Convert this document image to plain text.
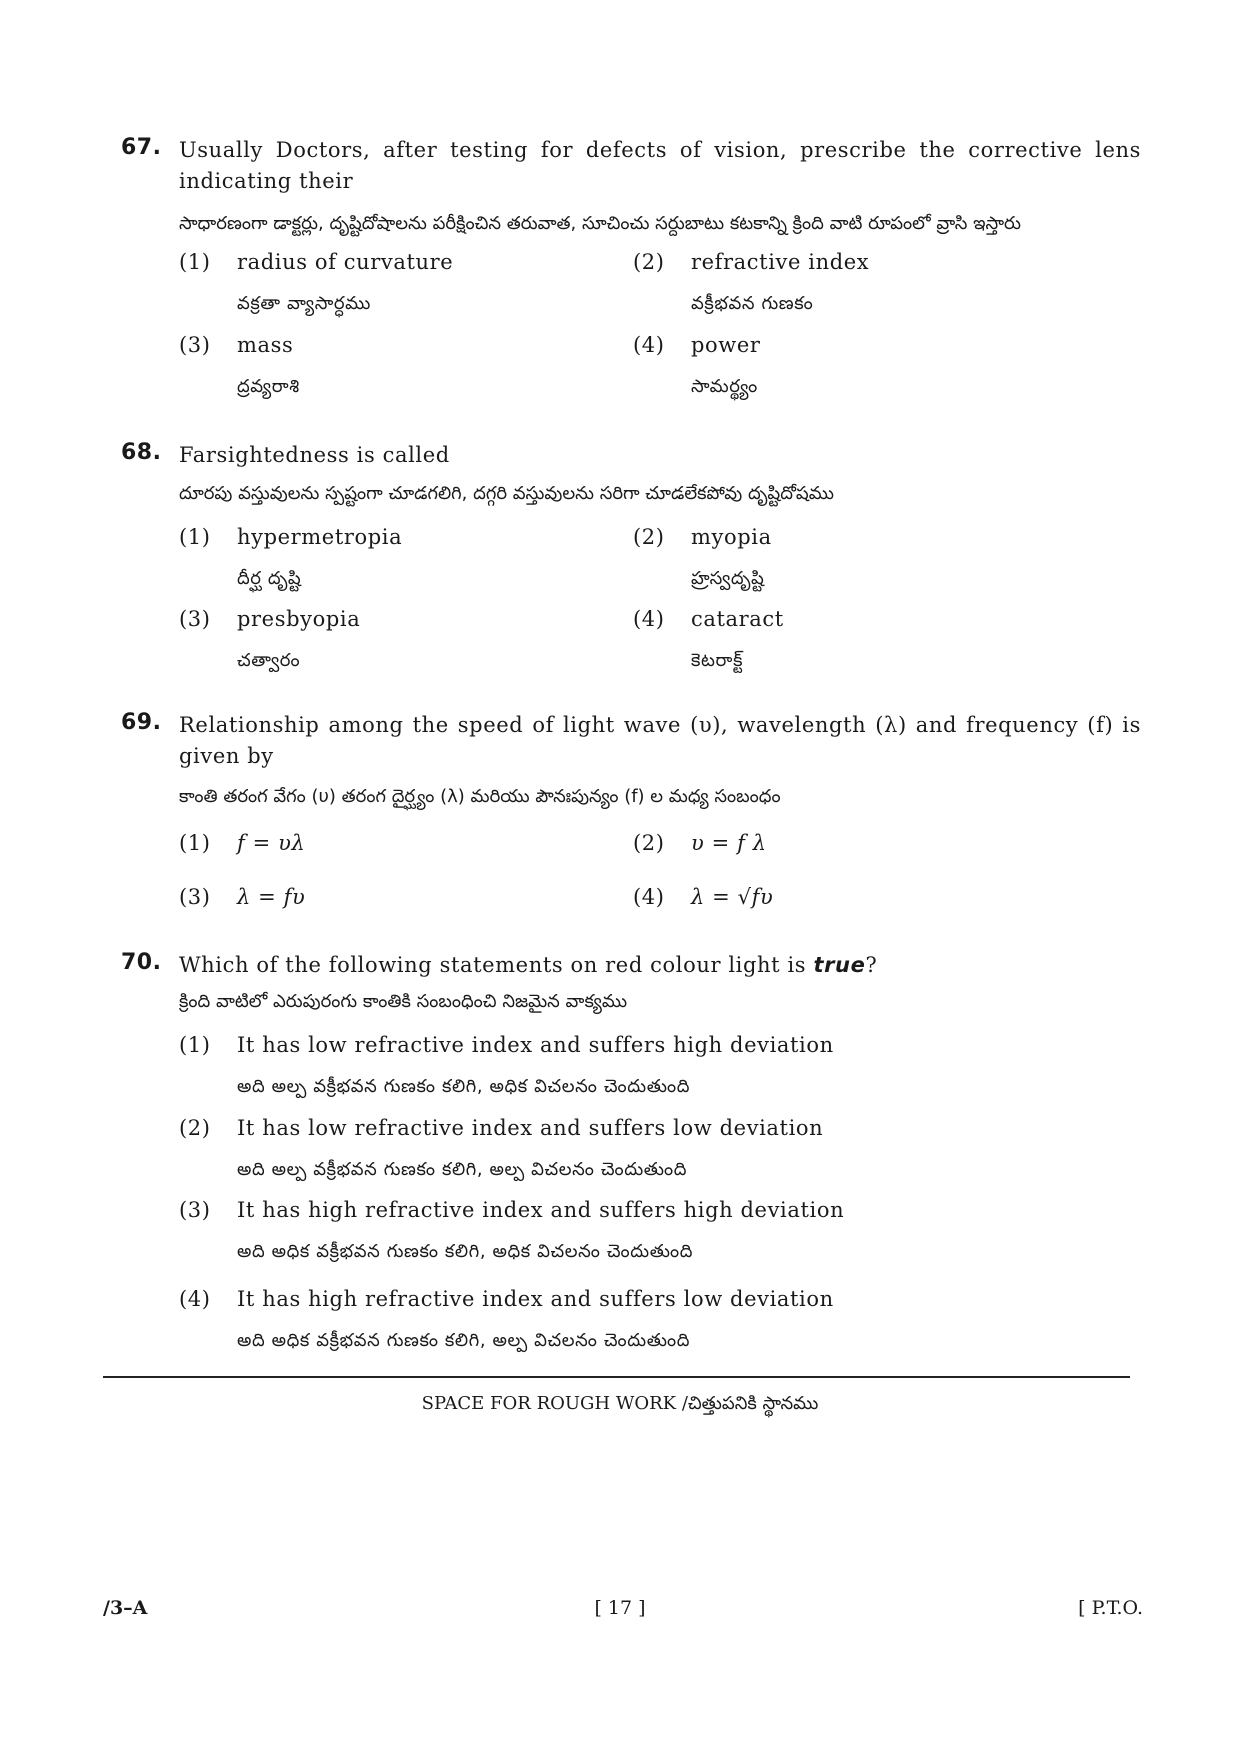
67. Usually Doctors, after testing for defects of vision, prescribe the corrective lens indicating their
సాధారణంగా డాక్టర్లు, దృష్టిదోషాలను పరీక్షించిన తరువాత, సూచించు సర్దుబాటు కటకాన్ని క్రింది వాటి రూపంలో వ్రాసి ఇస్తారు
(1) radius of curvature
వక్రతా వ్యాసార్ధము
(2) refractive index
వక్రీభవన గుణకం
(3) mass
ద్రవ్యరాశి
(4) power
సామర్థ్యం
68. Farsightedness is called
దూరపు వస్తువులను స్పష్టంగా చూడగలిగి, దగ్గరి వస్తువులను సరిగా చూడలేకపోవు దృష్టిదోషము
(1) hypermetropia
దీర్ఘ దృష్టి
(2) myopia
హ్రస్వదృష్టి
(3) presbyopia
చత్వారం
(4) cataract
కెటరాక్ట్
69. Relationship among the speed of light wave (υ), wavelength (λ) and frequency (f) is given by
కాంతి తరంగ వేగం (υ) తరంగ దైర్ఘ్యం (λ) మరియు పౌనఃపున్యం (f) ల మధ్య సంబంధం
(1) f = υλ	(2) υ = f λ
(3) λ = fυ	(4) λ = √fυ
70. Which of the following statements on red colour light is true?
క్రింది వాటిలో ఎరుపురంగు కాంతికి సంబంధించి నిజమైన వాక్యము
(1) It has low refractive index and suffers high deviation
అది అల్ప వక్రీభవన గుణకం కలిగి, అధిక విచలనం చెందుతుంది
(2) It has low refractive index and suffers low deviation
అది అల్ప వక్రీభవన గుణకం కలిగి, అల్ప విచలనం చెందుతుంది
(3) It has high refractive index and suffers high deviation
అది అధిక వక్రీభవన గుణకం కలిగి, అధిక విచలనం చెందుతుంది
(4) It has high refractive index and suffers low deviation
అది అధిక వక్రీభవన గుణకం కలిగి, అల్ప విచలనం చెందుతుంది
SPACE FOR ROUGH WORK /చిత్తుపనికి స్థానము
/3–A	[ 17 ]	[ P.T.O.
